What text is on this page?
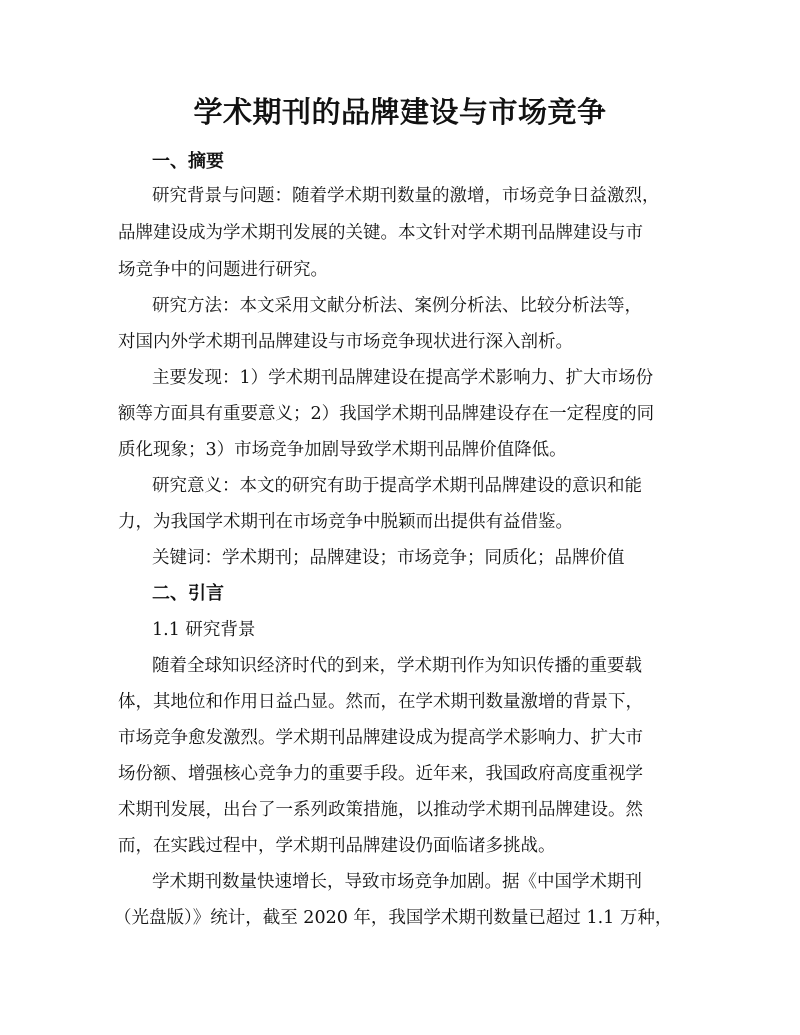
学术期刊的品牌建设与市场竞争
一、摘要
研究背景与问题：随着学术期刊数量的激增，市场竞争日益激烈，
品牌建设成为学术期刊发展的关键。本文针对学术期刊品牌建设与市
场竞争中的问题进行研究。
研究方法：本文采用文献分析法、案例分析法、比较分析法等，
对国内外学术期刊品牌建设与市场竞争现状进行深入剖析。
主要发现：1）学术期刊品牌建设在提高学术影响力、扩大市场份
额等方面具有重要意义；2）我国学术期刊品牌建设存在一定程度的同
质化现象；3）市场竞争加剧导致学术期刊品牌价值降低。
研究意义：本文的研究有助于提高学术期刊品牌建设的意识和能
力，为我国学术期刊在市场竞争中脱颖而出提供有益借鉴。
关键词：学术期刊；品牌建设；市场竞争；同质化；品牌价值
二、引言
1.1 研究背景
随着全球知识经济时代的到来，学术期刊作为知识传播的重要载
体，其地位和作用日益凸显。然而，在学术期刊数量激增的背景下，
市场竞争愈发激烈。学术期刊品牌建设成为提高学术影响力、扩大市
场份额、增强核心竞争力的重要手段。近年来，我国政府高度重视学
术期刊发展，出台了一系列政策措施，以推动学术期刊品牌建设。然
而，在实践过程中，学术期刊品牌建设仍面临诸多挑战。
学术期刊数量快速增长，导致市场竞争加剧。据《中国学术期刊
（光盘版）》统计，截至 2020 年，我国学术期刊数量已超过 1.1 万种，
